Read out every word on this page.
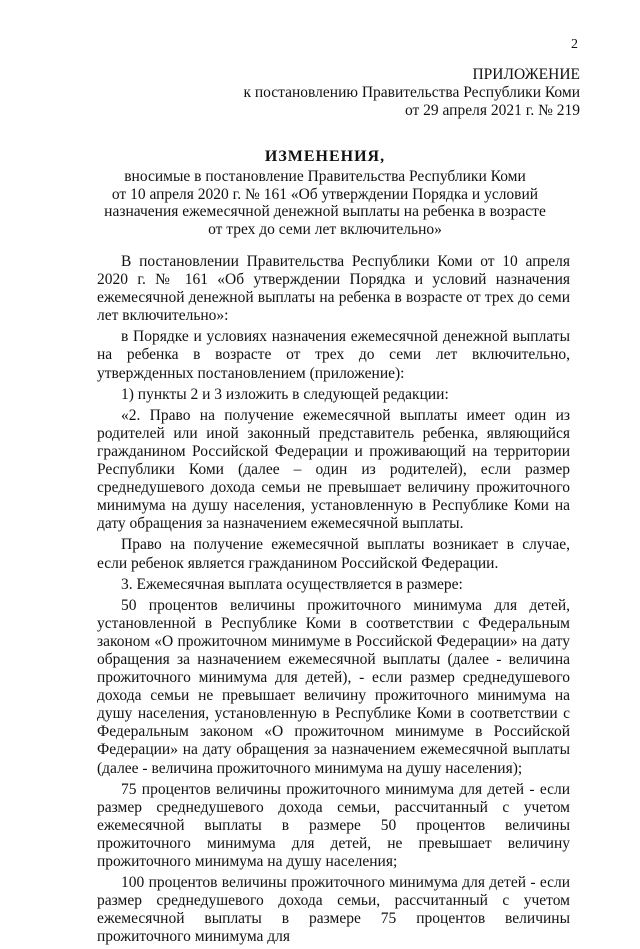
2
ПРИЛОЖЕНИЕ
к постановлению Правительства Республики Коми
от 29 апреля 2021 г. № 219
ИЗМЕНЕНИЯ,
вносимые в постановление Правительства Республики Коми
от 10 апреля 2020 г. № 161 «Об утверждении Порядка и условий
назначения ежемесячной денежной выплаты на ребенка в возрасте
от трех до семи лет включительно»

В постановлении Правительства Республики Коми от 10 апреля 2020 г. № 161 «Об утверждении Порядка и условий назначения ежемесячной денежной выплаты на ребенка в возрасте от трех до семи лет включительно»:

в Порядке и условиях назначения ежемесячной денежной выплаты на ребенка в возрасте от трех до семи лет включительно, утвержденных постановлением (приложение):

1) пункты 2 и 3 изложить в следующей редакции:

«2. Право на получение ежемесячной выплаты имеет один из родителей или иной законный представитель ребенка, являющийся гражданином Российской Федерации и проживающий на территории Республики Коми (далее – один из родителей), если размер среднедушевого дохода семьи не превышает величину прожиточного минимума на душу населения, установленную в Республике Коми на дату обращения за назначением ежемесячной выплаты.

Право на получение ежемесячной выплаты возникает в случае, если ребенок является гражданином Российской Федерации.

3. Ежемесячная выплата осуществляется в размере:

50 процентов величины прожиточного минимума для детей, установленной в Республике Коми в соответствии с Федеральным законом «О прожиточном минимуме в Российской Федерации» на дату обращения за назначением ежемесячной выплаты (далее - величина прожиточного минимума для детей), - если размер среднедушевого дохода семьи не превышает величину прожиточного минимума на душу населения, установленную в Республике Коми в соответствии с Федеральным законом «О прожиточном минимуме в Российской Федерации» на дату обращения за назначением ежемесячной выплаты (далее - величина прожиточного минимума на душу населения);

75 процентов величины прожиточного минимума для детей - если размер среднедушевого дохода семьи, рассчитанный с учетом ежемесячной выплаты в размере 50 процентов величины прожиточного минимума для детей, не превышает величину прожиточного минимума на душу населения;

100 процентов величины прожиточного минимума для детей - если размер среднедушевого дохода семьи, рассчитанный с учетом ежемесячной выплаты в размере 75 процентов величины прожиточного минимума для
